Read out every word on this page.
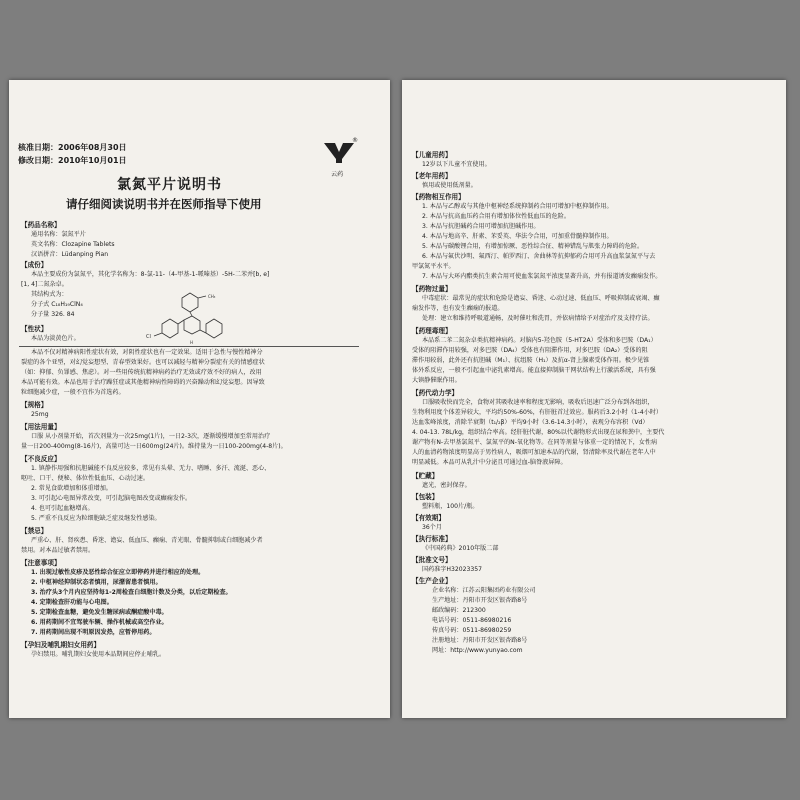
核准日期：2006年08月30日
修改日期：2010年10月01日
®
云药
氯氮平片说明书
请仔细阅读说明书并在医师指导下使用
【药品名称】
通用名称：氯氮平片
英文名称：Clozapine Tablets
汉语拼音：Lüdanping Pian
【成份】
本品主要成份为氯氮平，其化学名称为：8-氯-11-（4-甲基-1-哌嗪基）-5H-二苯并[b, e]
[1, 4]二氮杂卓。
其结构式为：
Cl
CH₃
H
分子式 C₁₈H₁₉ClN₄
分子量 326. 84
【性状】
本品为淡黄色片。
本品不仅对精神病阳性症状有效，对阴性症状也有一定效果。适用于急性与慢性精神分
裂症的各个亚型，对幻觉妄想型、青春型效果好。也可以减轻与精神分裂症有关的情感症状
（如：抑郁、负罪感、焦虑）。对一些用传统抗精神病药治疗无效或疗效不好的病人，改用
本品可能有效。本品也用于治疗躁狂症或其他精神病性障碍的兴奋躁动和幻觉妄想。因导致
粒细胞减少症，一般不宜作为首选药。
【规格】
25mg
【用法用量】
口服 从小剂量开始，首次剂量为一次25mg(1片)，一日2-3次，逐渐缓慢增加至常用治疗
量一日200-400mg(8-16片)，高量可达一日600mg(24片)。维持量为一日100-200mg(4-8片)。
【不良反应】
1. 镇静作用强和抗胆碱能不良反应较多，常见有头晕、无力、嗜睡、多汗、流涎、恶心、
呕吐、口干、便秘、体位性低血压、心动过速。
2. 常见食欲增加和体重增加。
3. 可引起心电图异常改变，可引起脑电图改变或癫痫发作。
4. 也可引起血糖增高。
5. 严重不良反应为粒细胞缺乏症及继发性感染。
【禁忌】
严重心、肝、肾疾患、昏迷、谵妄、低血压、癫痫、青光眼、骨髓抑制或白细胞减少者
禁用。对本品过敏者禁用。
【注意事项】
1. 出现过敏性皮疹及恶性综合征应立即停药并进行相应的处理。
2. 中枢神经抑制状态者慎用，尿潴留患者慎用。
3. 治疗头3个月内应坚持每1-2周检查白细胞计数及分类，以后定期检查。
4. 定期检查肝功能与心电图。
5. 定期检查血糖，避免发生糖尿病或酮症酸中毒。
6. 用药期间不宜驾驶车辆、操作机械或高空作业。
7. 用药期间出现不明原因发热，应暂停用药。
【孕妇及哺乳期妇女用药】
孕妇禁用。哺乳期妇女使用本品期间应停止哺乳。
【儿童用药】
12岁以下儿童不宜使用。
【老年用药】
慎用或使用低剂量。
【药物相互作用】
1. 本品与乙醇或与其他中枢神经系统抑制药合用可增加中枢抑制作用。
2. 本品与抗高血压药合用有增加体位性低血压的危险。
3. 本品与抗胆碱药合用可增加抗胆碱作用。
4. 本品与地高辛、肝素、苯妥英、华法令合用，可加重骨髓抑制作用。
5. 本品与碳酸锂合用，有增加惊厥、恶性综合征、精神错乱与肌张力障碍的危险。
6. 本品与氟伏沙明、氟西汀、帕罗西汀、舍曲林等抗抑郁药合用可升高血浆氯氮平与去
甲氯氮平水平。
7. 本品与大环内酯类抗生素合用可使血浆氯氮平浓度显著升高，并有报道诱发癫痫发作。
【药物过量】
中毒症状：最常见的症状和危险是谵妄、昏迷、心动过速、低血压、呼吸抑制或衰竭、癫
痫发作等，也有发生癫痫的报道。
处理：建立和维持呼吸道通畅，及时催吐和洗胃，并依病情给予对症治疗及支持疗法。
【药理毒理】
本品系二苯二氮杂卓类抗精神病药。对脑内5-羟色胺（5-HT2A）受体和多巴胺（DA₁）
受体的阻滞作用较强，对多巴胺（DA₄）受体也有阻滞作用，对多巴胺（DA₂）受体的阻
滞作用较弱，此外还有抗胆碱（M₁）、抗组胺（H₁）及抗α-肾上腺素受体作用。极少见锥
体外系反应，一般不引起血中泌乳素增高。能直接抑制脑干网状结构上行激活系统，具有强
大镇静催眠作用。
【药代动力学】
口服吸收快而完全，食物对其吸收速率和程度无影响，吸收后迅速广泛分布到各组织，
生物利用度个体差异较大，平均约50%-60%，有肝脏首过效应。服药后3.2小时（1-4小时）
达血浆峰浓度，消除半衰期（t₁/₂β）平均9小时（3.6-14.3小时），表观分布容积（Vd）
4. 04-13. 78L/kg，组织结合率高。经肝脏代谢，80%以代谢物形式出现在尿和粪中，主要代
谢产物有N-去甲基氯氮平、氯氮平的N-氧化物等。在同等剂量与体重一定的情况下，女性病
人的血清药物浓度明显高于男性病人，吸烟可加速本品的代谢，肾清除率及代谢在老年人中
明显减低。本品可从乳汁中分泌且可通过血-脑脊液屏障。
【贮藏】
遮光，密封保存。
【包装】
塑料瓶，100片/瓶。
【有效期】
36个月
【执行标准】
《中国药典》2010年版二部
【批准文号】
国药准字H32023357
【生产企业】
企业名称：江苏云阳集团药业有限公司
生产地址：丹阳市开发区银杏路8号
邮政编码：212300
电话号码：0511-86980216
传真号码：0511-86980259
注册地址：丹阳市开发区银杏路8号
网址：http://www.yunyao.com
